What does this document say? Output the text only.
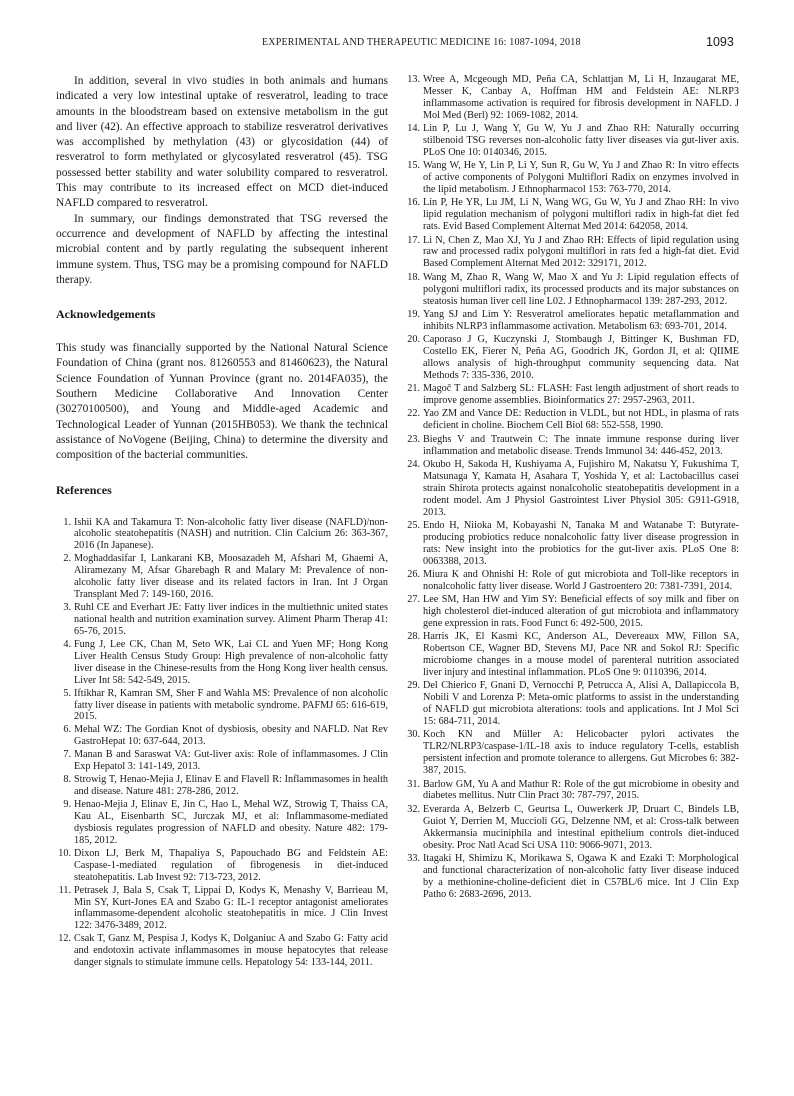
EXPERIMENTAL AND THERAPEUTIC MEDICINE 16: 1087-1094, 2018	1093

In addition, several in vivo studies in both animals and humans indicated a very low intestinal uptake of resveratrol, leading to trace amounts in the bloodstream based on extensive metabolism in the gut and liver (42). An effective approach to stabilize resveratrol derivatives was accomplished by methylation (43) or glycosidation (44) of resveratrol to form methylated or glycosylated resveratrol (45). TSG possessed better stability and water solubility compared to resveratrol. This may contribute to its increased effect on MCD diet-induced NAFLD compared to resveratrol.

In summary, our findings demonstrated that TSG reversed the occurrence and development of NAFLD by affecting the intestinal microbial content and by partly regulating the subsequent inherent immune system. Thus, TSG may be a promising compound for NAFLD therapy.

Acknowledgements

This study was financially supported by the National Natural Science Foundation of China (grant nos. 81260553 and 81460623), the Natural Science Foundation of Yunnan Province (grant no. 2014FA035), the Southern Medicine Collaborative And Innovation Center (30270100500), and Young and Middle-aged Academic and Technological Leader of Yunnan (2015HB053). We thank the technical assistance of NoVogene (Beijing, China) to determine the diversity and composition of the bacterial communities.

References
1. Ishii KA and Takamura T: Non-alcoholic fatty liver disease (NAFLD)/non-alcoholic steatohepatitis (NASH) and nutrition. Clin Calcium 26: 363-367, 2016 (In Japanese).
2. Moghaddasifar I, Lankarani KB, Moosazadeh M, Afshari M, Ghaemi A, Aliramezany M, Afsar Gharebagh R and Malary M: Prevalence of non-alcoholic fatty liver disease and its related factors in Iran. Int J Organ Transplant Med 7: 149-160, 2016.
3. Ruhl CE and Everhart JE: Fatty liver indices in the multiethnic united states national health and nutrition examination survey. Aliment Pharm Therap 41: 65-76, 2015.
4. Fung J, Lee CK, Chan M, Seto WK, Lai CL and Yuen MF; Hong Kong Liver Health Census Study Group: High prevalence of non-alcoholic fatty liver disease in the Chinese-results from the Hong Kong liver health census. Liver Int 58: 542-549, 2015.
5. Iftikhar R, Kamran SM, Sher F and Wahla MS: Prevalence of non alcoholic fatty liver disease in patients with metabolic syndrome. PAFMJ 65: 616-619, 2015.
6. Mehal WZ: The Gordian Knot of dysbiosis, obesity and NAFLD. Nat Rev GastroHepat 10: 637-644, 2013.
7. Manan B and Saraswat VA: Gut-liver axis: Role of inflammasomes. J Clin Exp Hepatol 3: 141-149, 2013.
8. Strowig T, Henao-Mejia J, Elinav E and Flavell R: Inflammasomes in health and disease. Nature 481: 278-286, 2012.
9. Henao-Mejia J, Elinav E, Jin C, Hao L, Mehal WZ, Strowig T, Thaiss CA, Kau AL, Eisenbarth SC, Jurczak MJ, et al: Inflammasome-mediated dysbiosis regulates progression of NAFLD and obesity. Nature 482: 179-185, 2012.
10. Dixon LJ, Berk M, Thapaliya S, Papouchado BG and Feldstein AE: Caspase-1-mediated regulation of fibrogenesis in diet-induced steatohepatitis. Lab Invest 92: 713-723, 2012.
11. Petrasek J, Bala S, Csak T, Lippai D, Kodys K, Menashy V, Barrieau M, Min SY, Kurt-Jones EA and Szabo G: IL-1 receptor antagonist ameliorates inflammasome-dependent alcoholic steatohepatitis in mice. J Clin Invest 122: 3476-3489, 2012.
12. Csak T, Ganz M, Pespisa J, Kodys K, Dolganiuc A and Szabo G: Fatty acid and endotoxin activate inflammasomes in mouse hepatocytes that release danger signals to stimulate immune cells. Hepatology 54: 133-144, 2011.
13. Wree A, Mcgeough MD, Peña CA, Schlattjan M, Li H, Inzaugarat ME, Messer K, Canbay A, Hoffman HM and Feldstein AE: NLRP3 inflammasome activation is required for fibrosis development in NAFLD. J Mol Med (Berl) 92: 1069-1082, 2014.
14. Lin P, Lu J, Wang Y, Gu W, Yu J and Zhao RH: Naturally occurring stilbenoid TSG reverses non-alcoholic fatty liver diseases via gut-liver axis. PLoS One 10: 0140346, 2015.
15. Wang W, He Y, Lin P, Li Y, Sun R, Gu W, Yu J and Zhao R: In vitro effects of active components of Polygoni Multiflori Radix on enzymes involved in the lipid metabolism. J Ethnopharmacol 153: 763-770, 2014.
16. Lin P, He YR, Lu JM, Li N, Wang WG, Gu W, Yu J and Zhao RH: In vivo lipid regulation mechanism of polygoni multiflori radix in high-fat diet fed rats. Evid Based Complement Alternat Med 2014: 642058, 2014.
17. Li N, Chen Z, Mao XJ, Yu J and Zhao RH: Effects of lipid regulation using raw and processed radix polygoni multiflori in rats fed a high-fat diet. Evid Based Complement Alternat Med 2012: 329171, 2012.
18. Wang M, Zhao R, Wang W, Mao X and Yu J: Lipid regulation effects of polygoni multiflori radix, its processed products and its major substances on steatosis human liver cell line L02. J Ethnopharmacol 139: 287-293, 2012.
19. Yang SJ and Lim Y: Resveratrol ameliorates hepatic metaflammation and inhibits NLRP3 inflammasome activation. Metabolism 63: 693-701, 2014.
20. Caporaso J G, Kuczynski J, Stombaugh J, Bittinger K, Bushman FD, Costello EK, Fierer N, Peña AG, Goodrich JK, Gordon JI, et al: QIIME allows analysis of high-throughput community sequencing data. Nat Methods 7: 335-336, 2010.
21. Magoč T and Salzberg SL: FLASH: Fast length adjustment of short reads to improve genome assemblies. Bioinformatics 27: 2957-2963, 2011.
22. Yao ZM and Vance DE: Reduction in VLDL, but not HDL, in plasma of rats deficient in choline. Biochem Cell Biol 68: 552-558, 1990.
23. Bieghs V and Trautwein C: The innate immune response during liver inflammation and metabolic disease. Trends Immunol 34: 446-452, 2013.
24. Okubo H, Sakoda H, Kushiyama A, Fujishiro M, Nakatsu Y, Fukushima T, Matsunaga Y, Kamata H, Asahara T, Yoshida Y, et al: Lactobacillus casei strain Shirota protects against nonalcoholic steatohepatitis development in a rodent model. Am J Physiol Gastrointest Liver Physiol 305: G911-G918, 2013.
25. Endo H, Niioka M, Kobayashi N, Tanaka M and Watanabe T: Butyrate-producing probiotics reduce nonalcoholic fatty liver disease progression in rats: New insight into the probiotics for the gut-liver axis. PLoS One 8: 0063388, 2013.
26. Miura K and Ohnishi H: Role of gut microbiota and Toll-like receptors in nonalcoholic fatty liver disease. World J Gastroentero 20: 7381-7391, 2014.
27. Lee SM, Han HW and Yim SY: Beneficial effects of soy milk and fiber on high cholesterol diet-induced alteration of gut microbiota and inflammatory gene expression in rats. Food Funct 6: 492-500, 2015.
28. Harris JK, El Kasmi KC, Anderson AL, Devereaux MW, Fillon SA, Robertson CE, Wagner BD, Stevens MJ, Pace NR and Sokol RJ: Specific microbiome changes in a mouse model of parenteral nutrition associated liver injury and intestinal inflammation. PLoS One 9: 0110396, 2014.
29. Del Chierico F, Gnani D, Vernocchi P, Petrucca A, Alisi A, Dallapiccola B, Nobili V and Lorenza P: Meta-omic platforms to assist in the understanding of NAFLD gut microbiota alterations: tools and applications. Int J Mol Sci 15: 684-711, 2014.
30. Koch KN and Müller A: Helicobacter pylori activates the TLR2/NLRP3/caspase-1/IL-18 axis to induce regulatory T-cells, establish persistent infection and promote tolerance to allergens. Gut Microbes 6: 382-387, 2015.
31. Barlow GM, Yu A and Mathur R: Role of the gut microbiome in obesity and diabetes mellitus. Nutr Clin Pract 30: 787-797, 2015.
32. Everarda A, Belzerb C, Geurtsa L, Ouwerkerk JP, Druart C, Bindels LB, Guiot Y, Derrien M, Muccioli GG, Delzenne NM, et al: Cross-talk between Akkermansia muciniphila and intestinal epithelium controls diet-induced obesity. Proc Natl Acad Sci USA 110: 9066-9071, 2013.
33. Itagaki H, Shimizu K, Morikawa S, Ogawa K and Ezaki T: Morphological and functional characterization of non-alcoholic fatty liver disease induced by a methionine-choline-deficient diet in C57BL/6 mice. Int J Clin Exp Patho 6: 2683-2696, 2013.
